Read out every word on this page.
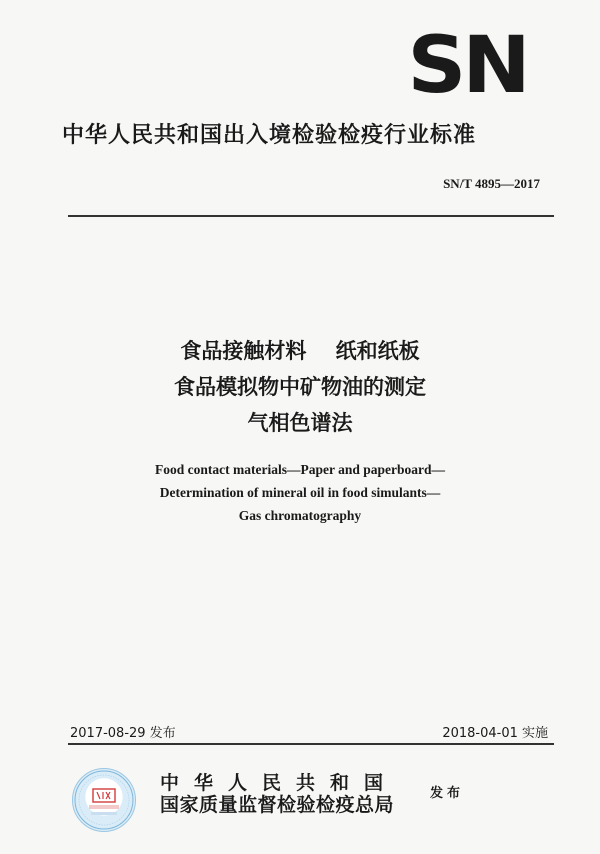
SN
中华人民共和国出入境检验检疫行业标准
SN/T 4895—2017
食品接触材料    纸和纸板
食品模拟物中矿物油的测定
气相色谱法
Food contact materials—Paper and paperboard—
Determination of mineral oil in food simulants—
Gas chromatography
2017-08-29 发布	2018-04-01 实施
中华人民共和国
国家质量监督检验检疫总局
发布
